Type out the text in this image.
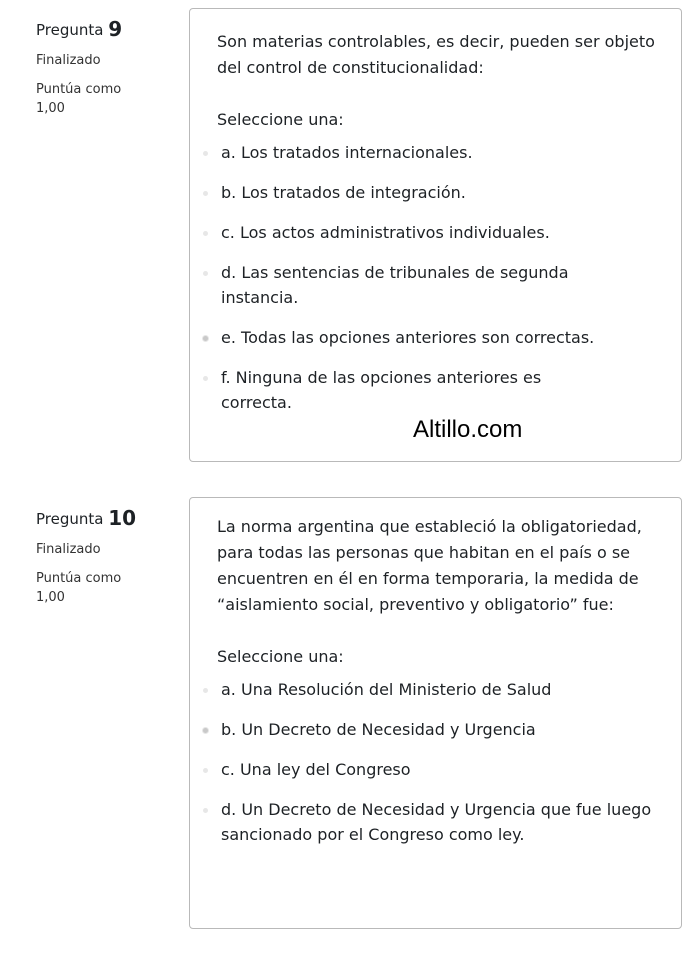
Pregunta 9
Finalizado
Puntúa como
1,00

Son materias controlables, es decir, pueden ser objeto del control de constitucionalidad:

Seleccione una:

a. Los tratados internacionales.
b. Los tratados de integración.
c. Los actos administrativos individuales.
d. Las sentencias de tribunales de segunda instancia.
e. Todas las opciones anteriores son correctas.
f. Ninguna de las opciones anteriores es correcta.
Altillo.com
Pregunta 10
Finalizado
Puntúa como
1,00

La norma argentina que estableció la obligatoriedad, para todas las personas que habitan en el país o se encuentren en él en forma temporaria, la medida de “aislamiento social, preventivo y obligatorio” fue:

Seleccione una:

a. Una Resolución del Ministerio de Salud
b. Un Decreto de Necesidad y Urgencia
c. Una ley del Congreso
d. Un Decreto de Necesidad y Urgencia que fue luego sancionado por el Congreso como ley.
